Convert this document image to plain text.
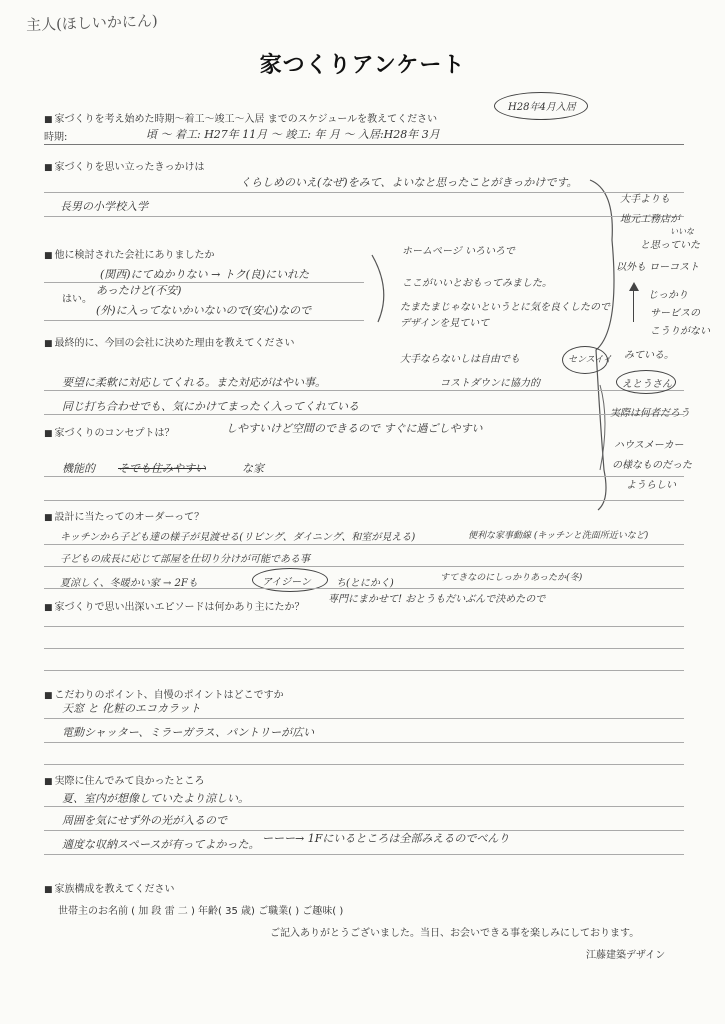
主人(ほしいかにん)
家つくりアンケート
■ 家づくりを考え始めた時期〜着工〜竣工〜入居 までのスケジュールを教えてください
時期:	頃 〜 着工: H27年 11月 〜 竣工: 年 月 〜 入居:H28年 3月
H28年4月入居
■ 家づくりを思い立ったきっかけは
くらしめのいえ(なぜ)をみて、よいなと思ったことがきっかけです。
長男の小学校入学
■ 他に検討された会社にありましたか
はい。
(関西)にてぬかりない → トク(良)にいれた
あったけど(不安)
(外)に入ってないかいないので(安心)なので
ホームページ いろいろで
ここがいいとおもってみました。
たまたまじゃないというとに気を良くしたので
デザインを見ていて
■ 最終的に、今回の会社に決めた理由を教えてください
要望に柔軟に対応してくれる。また対応がはやい事。
同じ打ち合わせでも、気にかけてまったく入ってくれている
大手ならないしは自由でも	センスイイ
コストダウンに協力的
■ 家づくりのコンセプトは？	しやすいけど空間のできるので すぐに過ごしやすい
機能的 そでも住みやすい	な家
■ 設計に当たってのオーダーって？
キッチンから子ども達の様子が見渡せる(リビング、ダイニング、和室が見える)	便利な家事動線 (キッチンと洗面所近いなど)
子どもの成長に応じて部屋を仕切り分けが可能である事
夏涼しく、冬暖かい家 → 2Fも	アイジーン	ち(とにかく)	すてきなのにしっかりあったか(冬)
専門にまかせて! おとうもだいぶんで決めたので
■ 家づくりで思い出深いエピソードは何かあり主にたか？
■ こだわりのポイント、自慢のポイントはどこですか
天窓 と 化粧のエコカラット
電動シャッター、ミラーガラス、パントリーが広い
■ 実際に住んでみて良かったところ
夏、室内が想像していたより涼しい。
周囲を気にせず外の光が入るので
適度な収納スペースが有ってよかった。 ーーー→ 1Fにいるところは全部みえるのでべんり
■ 家族構成を教えてください
世帯主のお名前 ( 加 段 雷 二 ) 年齢( 35 歳) ご職業( ) ご趣味( )
ご記入ありがとうございました。当日、お会いできる事を楽しみにしております。
江藤建築デザイン
大手よりも
地元工務店が
いいな
と思っていた
以外も ローコスト
じっかり
サービスの
こうりがない
みている。
えとうさん
実際は何者だろう
ハウスメーカー
の様なものだった
ようらしい
